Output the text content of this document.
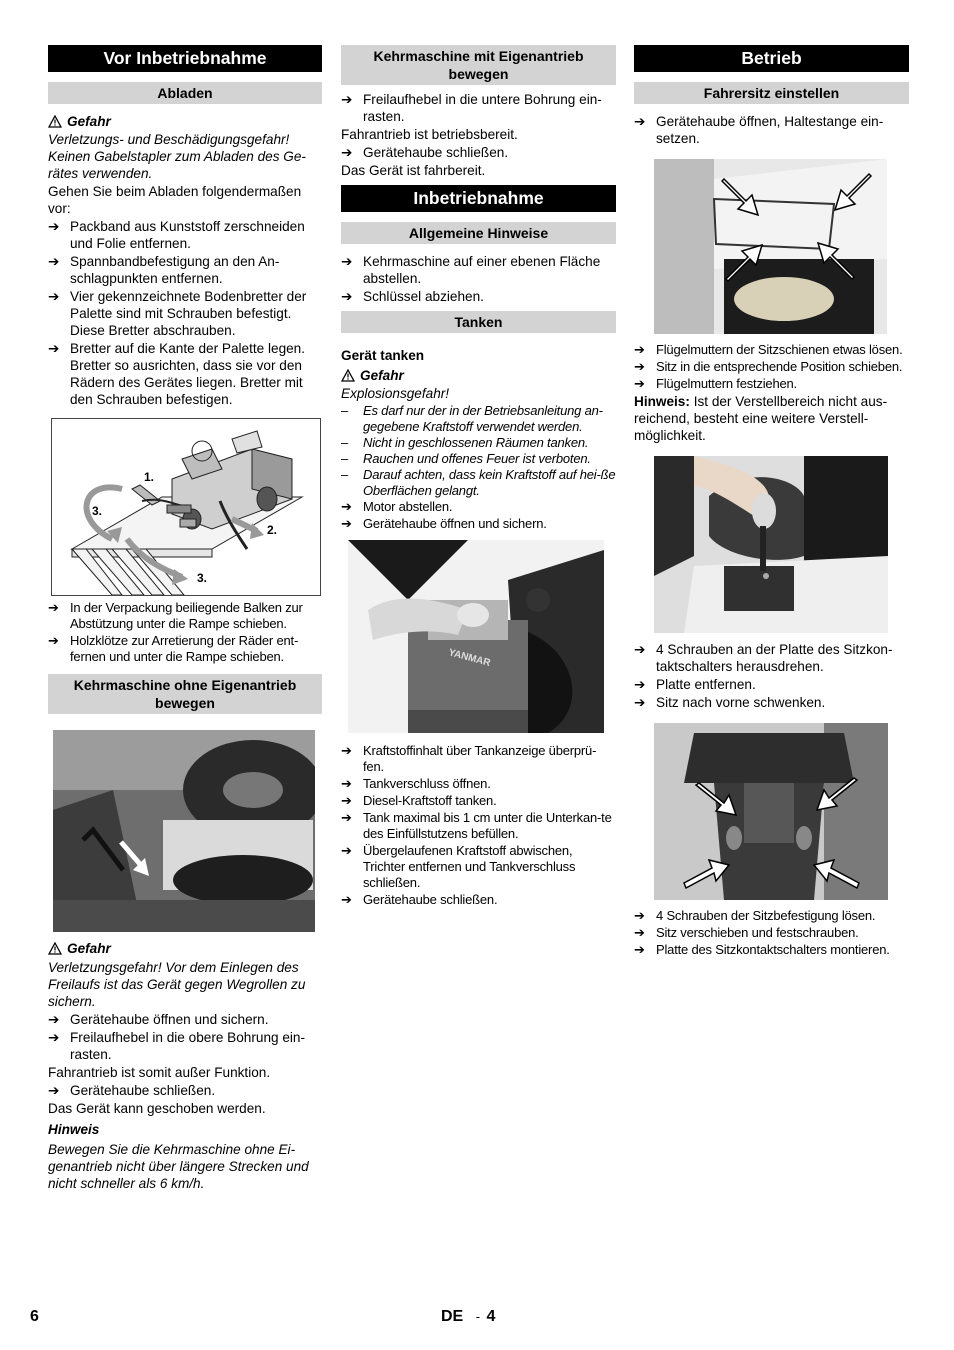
Vor Inbetriebnahme
Abladen

Gefahr

Verletzungs- und Beschädigungsgefahr! Keinen Gabelstapler zum Abladen des Ge-rätes verwenden.

Gehen Sie beim Abladen folgendermaßen vor:

➔ Packband aus Kunststoff zerschneiden und Folie entfernen.
➔ Spannbandbefestigung an den An-schlagpunkten entfernen.
➔ Vier gekennzeichnete Bodenbretter der Palette sind mit Schrauben befestigt. Diese Bretter abschrauben.
➔ Bretter auf die Kante der Palette legen. Bretter so ausrichten, dass sie vor den Rädern des Gerätes liegen. Bretter mit den Schrauben befestigen.
1.
2.
3.
3.
➔ In der Verpackung beiliegende Balken zur Abstützung unter die Rampe schieben.
➔ Holzklötze zur Arretierung der Räder ent-fernen und unter die Rampe schieben.
Kehrmaschine ohne Eigenantrieb bewegen

Gefahr

Verletzungsgefahr! Vor dem Einlegen des Freilaufs ist das Gerät gegen Wegrollen zu sichern.

➔ Gerätehaube öffnen und sichern.
➔ Freilaufhebel in die obere Bohrung ein-rasten.

Fahrantrieb ist somit außer Funktion.

➔ Gerätehaube schließen.

Das Gerät kann geschoben werden.

Hinweis

Bewegen Sie die Kehrmaschine ohne Ei-genantrieb nicht über längere Strecken und nicht schneller als 6 km/h.

Kehrmaschine mit Eigenantrieb bewegen
➔ Freilaufhebel in die untere Bohrung ein-rasten.

Fahrantrieb ist betriebsbereit.

➔ Gerätehaube schließen.

Das Gerät ist fahrbereit.

Inbetriebnahme
Allgemeine Hinweise
➔ Kehrmaschine auf einer ebenen Fläche abstellen.
➔ Schlüssel abziehen.
Tanken

Gerät tanken

Gefahr

Explosionsgefahr!

–	Es darf nur der in der Betriebsanleitung an-gegebene Kraftstoff verwendet werden.
–	Nicht in geschlossenen Räumen tanken.
–	Rauchen und offenes Feuer ist verboten.
–	Darauf achten, dass kein Kraftstoff auf hei-ße Oberflächen gelangt.
➔ Motor abstellen.
➔ Gerätehaube öffnen und sichern.
YANMAR
➔ Kraftstoffinhalt über Tankanzeige überprü-fen.
➔ Tankverschluss öffnen.
➔ Diesel-Kraftstoff tanken.
➔ Tank maximal bis 1 cm unter die Unterkan-te des Einfüllstutzens befüllen.
➔ Übergelaufenen Kraftstoff abwischen, Trichter entfernen und Tankverschluss schließen.
➔ Gerätehaube schließen.
Betrieb
Fahrersitz einstellen
➔ Gerätehaube öffnen, Haltestange ein-setzen.
➔ Flügelmuttern der Sitzschienen etwas lösen.
➔ Sitz in die entsprechende Position schieben.
➔ Flügelmuttern festziehen.

Hinweis: Ist der Verstellbereich nicht aus-reichend, besteht eine weitere Verstell-möglichkeit.

➔ 4 Schrauben an der Platte des Sitzkon-taktschalters herausdrehen.
➔ Platte entfernen.
➔ Sitz nach vorne schwenken.
➔ 4 Schrauben der Sitzbefestigung lösen.
➔ Sitz verschieben und festschrauben.
➔ Platte des Sitzkontaktschalters montieren.
6	DE - 4
